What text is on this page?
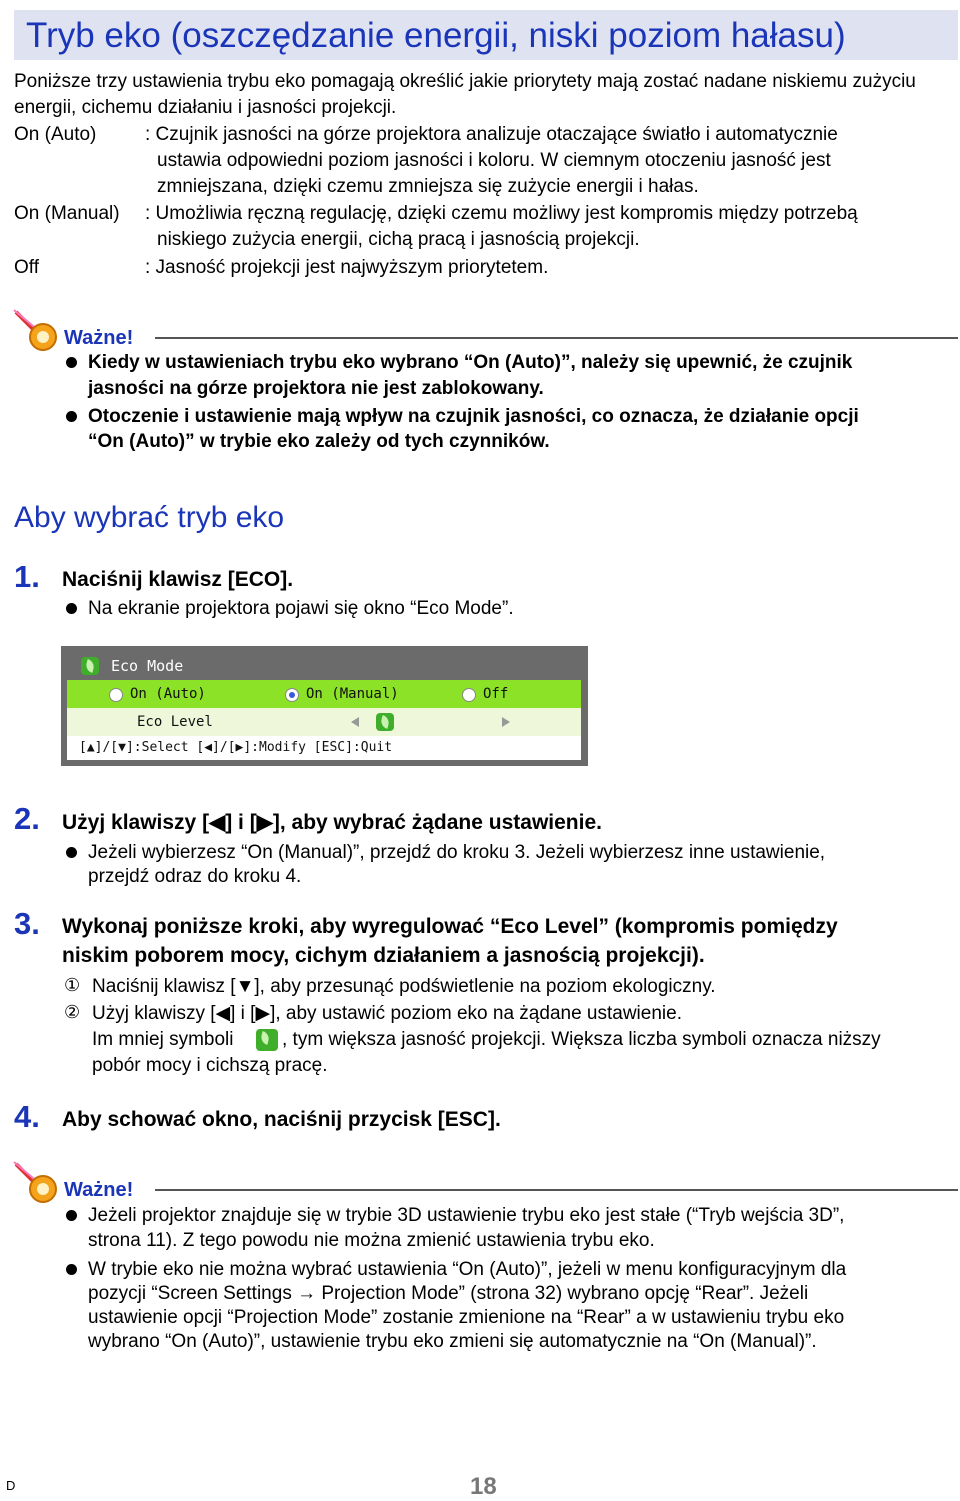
Tryb eko (oszczędzanie energii, niski poziom hałasu)
Poniższe trzy ustawienia trybu eko pomagają określić jakie priorytety mają zostać nadane niskiemu zużyciu energii, cichemu działaniu i jasności projekcji.
On (Auto)	: Czujnik jasności na górze projektora analizuje otaczające światło i automatycznie
ustawia odpowiedni poziom jasności i koloru. W ciemnym otoczeniu jasność jest
zmniejszana, dzięki czemu zmniejsza się zużycie energii i hałas.
On (Manual) : Umożliwia ręczną regulację, dzięki czemu możliwy jest kompromis między potrzebą
niskiego zużycia energii, cichą pracą i jasnością projekcji.
Off	: Jasność projekcji jest najwyższym priorytetem.
Ważne!
Kiedy w ustawieniach trybu eko wybrano “On (Auto)”, należy się upewnić, że czujnik
jasności na górze projektora nie jest zablokowany.
Otoczenie i ustawienie mają wpływ na czujnik jasności, co oznacza, że działanie opcji
“On (Auto)” w trybie eko zależy od tych czynników.
Aby wybrać tryb eko
1. Naciśnij klawisz [ECO].
Na ekranie projektora pojawi się okno “Eco Mode”.
Eco Mode
On (Auto)	On (Manual)	Off
Eco Level
[▲]/[▼]:Select [◀]/[▶]:Modify [ESC]:Quit
2. Użyj klawiszy [◀] i [▶], aby wybrać żądane ustawienie.
Jeżeli wybierzesz “On (Manual)”, przejdź do kroku 3. Jeżeli wybierzesz inne ustawienie,
przejdź odraz do kroku 4.
3. Wykonaj poniższe kroki, aby wyregulować “Eco Level” (kompromis pomiędzy
niskim poborem mocy, cichym działaniem a jasnością projekcji).
① Naciśnij klawisz [▼], aby przesunąć podświetlenie na poziom ekologiczny.
② Użyj klawiszy [◀] i [▶], aby ustawić poziom eko na żądane ustawienie.
Im mniej symboli	, tym większa jasność projekcji. Większa liczba symboli oznacza niższy
pobór mocy i cichszą pracę.
4. Aby schować okno, naciśnij przycisk [ESC].
Ważne!
Jeżeli projektor znajduje się w trybie 3D ustawienie trybu eko jest stałe (“Tryb wejścia 3D”,
strona 11). Z tego powodu nie można zmienić ustawienia trybu eko.
W trybie eko nie można wybrać ustawienia “On (Auto)”, jeżeli w menu konfiguracyjnym dla
pozycji “Screen Settings → Projection Mode” (strona 32) wybrano opcję “Rear”. Jeżeli
ustawienie opcji “Projection Mode” zostanie zmienione na “Rear” a w ustawieniu trybu eko
wybrano “On (Auto)”, ustawienie trybu eko zmieni się automatycznie na “On (Manual)”.
D	18
